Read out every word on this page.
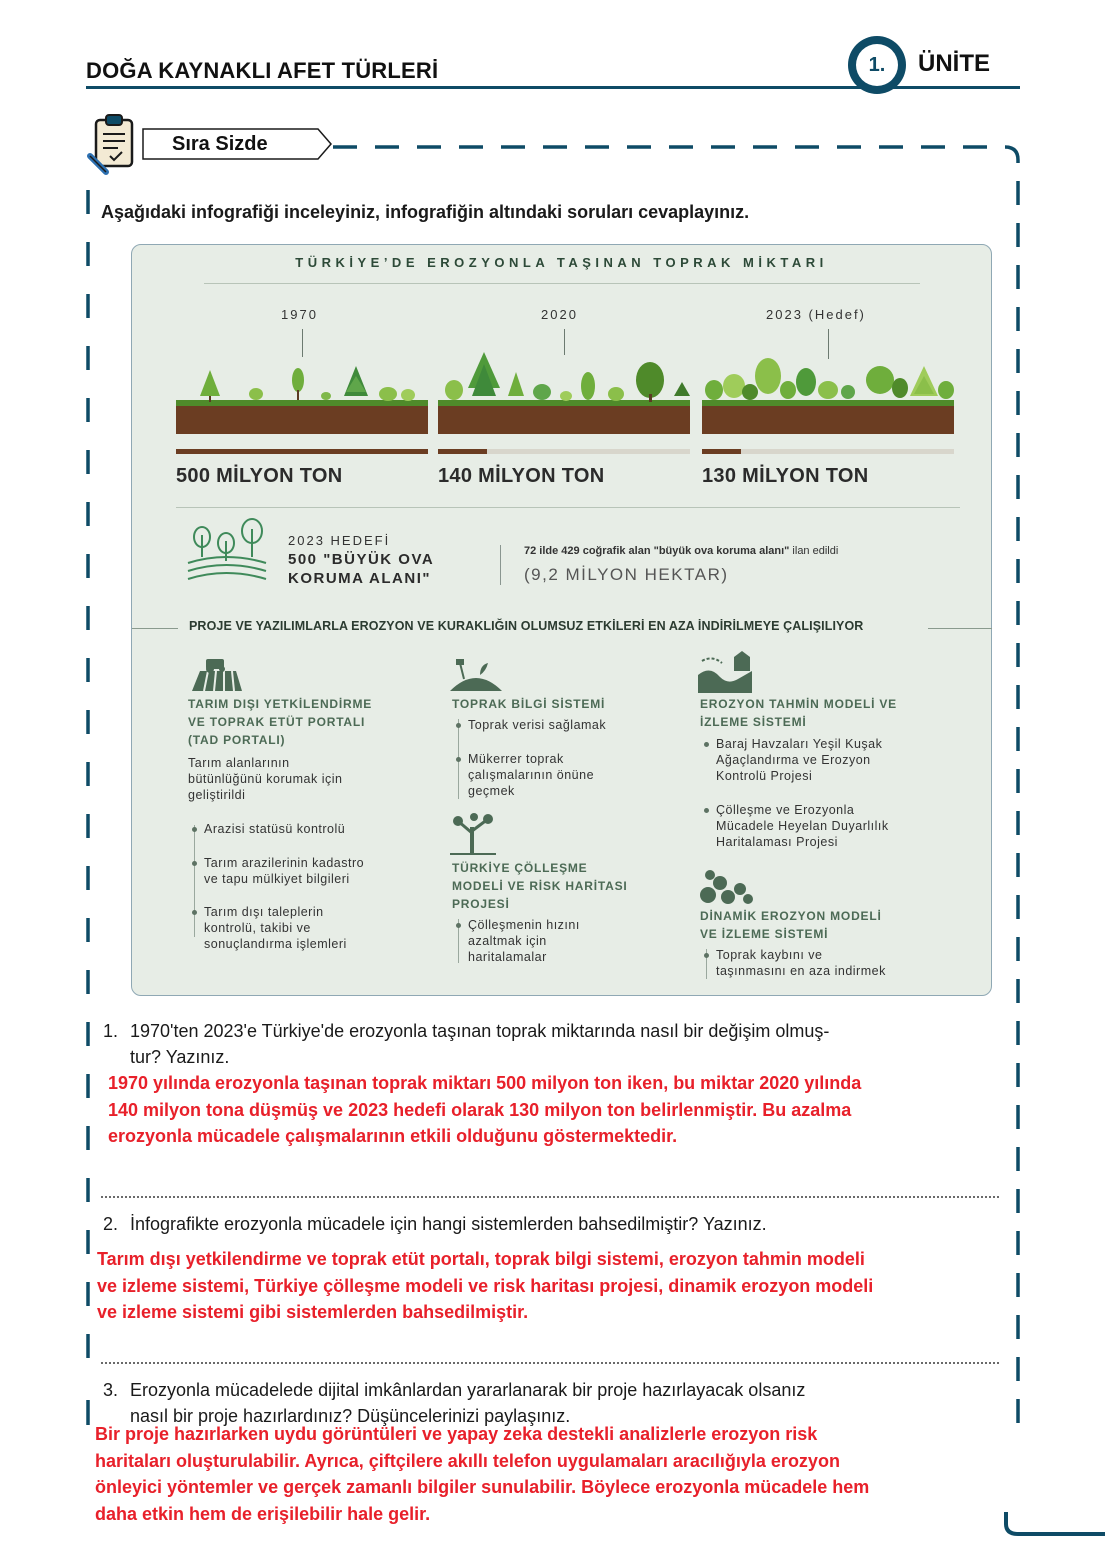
DOĞA KAYNAKLI AFET TÜRLERİ	1.	ÜNİTE
Sıra Sizde
Aşağıdaki infografiği inceleyiniz, infografiğin altındaki soruları cevaplayınız.
TÜRKİYE’DE EROZYONLA TAŞINAN TOPRAK MİKTARI
1970	2020	2023 (Hedef)
500 MİLYON TON	140 MİLYON TON	130 MİLYON TON
2023 HEDEFİ
500 "BÜYÜK OVA
KORUMA ALANI"
72 ilde 429 coğrafik alan "büyük ova koruma alanı" ilan edildi
(9,2 MİLYON HEKTAR)
PROJE VE YAZILIMLARLA EROZYON VE KURAKLIĞIN OLUMSUZ ETKİLERİ EN AZA İNDİRİLMEYE ÇALIŞILIYOR
TARIM DIŞI YETKİLENDİRME
VE TOPRAK ETÜT PORTALI
(TAD PORTALI)
Tarım alanlarının
bütünlüğünü korumak için
geliştirildi
Arazisi statüsü kontrolü
Tarım arazilerinin kadastro
ve tapu mülkiyet bilgileri
Tarım dışı taleplerin
kontrolü, takibi ve
sonuçlandırma işlemleri
TOPRAK BİLGİ SİSTEMİ
Toprak verisi sağlamak
Mükerrer toprak
çalışmalarının önüne
geçmek
TÜRKİYE ÇÖLLEŞME
MODELİ VE RİSK HARİTASI
PROJESİ
Çölleşmenin hızını
azaltmak için
haritalamalar
EROZYON TAHMİN MODELİ VE
İZLEME SİSTEMİ
Baraj Havzaları Yeşil Kuşak
Ağaçlandırma ve Erozyon
Kontrolü Projesi
Çölleşme ve Erozyonla
Mücadele Heyelan Duyarlılık
Haritalaması Projesi
DİNAMİK EROZYON MODELİ
VE İZLEME SİSTEMİ
Toprak kaybını ve
taşınmasını en aza indirmek
1. 1970'ten 2023'e Türkiye'de erozyonla taşınan toprak miktarında nasıl bir değişim olmuş-
tur? Yazınız.
1970 yılında erozyonla taşınan toprak miktarı 500 milyon ton iken, bu miktar 2020 yılında
140 milyon tona düşmüş ve 2023 hedefi olarak 130 milyon ton belirlenmiştir. Bu azalma
erozyonla mücadele çalışmalarının etkili olduğunu göstermektedir.
2. İnfografikte erozyonla mücadele için hangi sistemlerden bahsedilmiştir? Yazınız.
Tarım dışı yetkilendirme ve toprak etüt portalı, toprak bilgi sistemi, erozyon tahmin modeli
ve izleme sistemi, Türkiye çölleşme modeli ve risk haritası projesi, dinamik erozyon modeli
ve izleme sistemi gibi sistemlerden bahsedilmiştir.
3. Erozyonla mücadelede dijital imkânlardan yararlanarak bir proje hazırlayacak olsanız
nasıl bir proje hazırlardınız? Düşüncelerinizi paylaşınız.
Bir proje hazırlarken uydu görüntüleri ve yapay zeka destekli analizlerle erozyon risk
haritaları oluşturulabilir. Ayrıca, çiftçilere akıllı telefon uygulamaları aracılığıyla erozyon
önleyici yöntemler ve gerçek zamanlı bilgiler sunulabilir. Böylece erozyonla mücadele hem
daha etkin hem de erişilebilir hale gelir.
